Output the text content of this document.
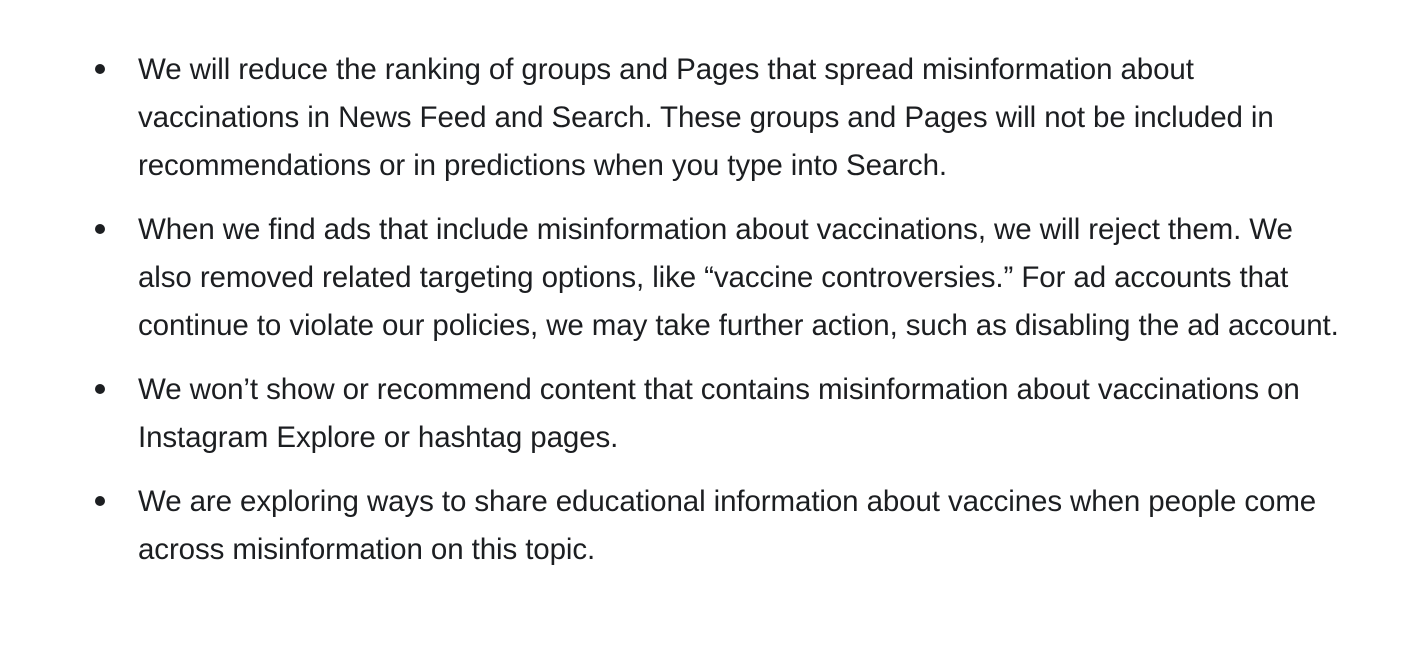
We will reduce the ranking of groups and Pages that spread misinformation about vaccinations in News Feed and Search. These groups and Pages will not be included in recommendations or in predictions when you type into Search.

When we find ads that include misinformation about vaccinations, we will reject them. We also removed related targeting options, like “vaccine controversies.” For ad accounts that continue to violate our policies, we may take further action, such as disabling the ad account.

We won’t show or recommend content that contains misinformation about vaccinations on Instagram Explore or hashtag pages.

We are exploring ways to share educational information about vaccines when people come across misinformation on this topic.
